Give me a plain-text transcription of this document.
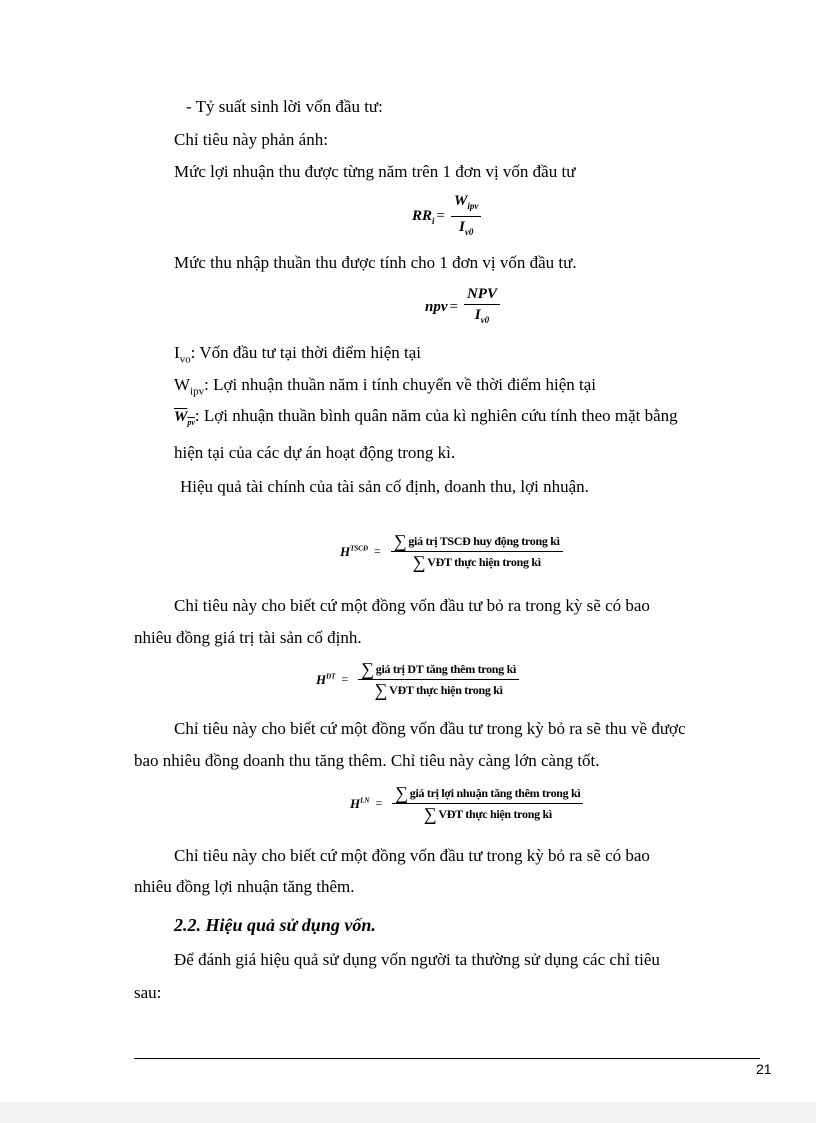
- Tỷ suất sinh lời vốn đầu tư:
Chỉ tiêu này phản ánh:
Mức lợi nhuận thu được từng năm trên 1 đơn vị vốn đầu tư
$RR_i = \frac{W_{ipv}}{I_{v0}}$
Mức thu nhập thuần thu được tính cho 1 đơn vị vốn đầu tư.
npv = $\frac{\text{NPV}}{I_{v0}}$
$I_{vo}$: Vốn đầu tư tại thời điểm hiện tại
$W_{ipv}$: Lợi nhuận thuần năm i tính chuyển về thời điểm hiện tại
$W_{pv}$: Lợi nhuận thuần bình quân năm của kì nghiên cứu tính theo mặt bằng
hiện tại của các dự án hoạt động trong kì.
Hiệu quả tài chính của tài sản cố định, doanh thu, lợi nhuận.
$H^{TSCĐ} = \frac{\text{∑ giá trị TSCĐ huy động trong kì}}{\text{∑ VĐT thực hiện trong kì}}$
Chỉ tiêu này cho biết cứ một đồng vốn đầu tư bỏ ra trong kỳ sẽ có bao
nhiêu đồng giá trị tài sản cố định.
$H^{DT} = \frac{\text{∑ giá trị DT tăng thêm trong kì}}{\text{∑ VĐT thực hiện trong kì}}$
Chỉ tiêu này cho biết cứ một đồng vốn đầu tư trong kỳ bỏ ra sẽ thu về được
bao nhiêu đồng doanh thu tăng thêm. Chỉ tiêu này càng lớn càng tốt.
$H^{LN} = \frac{\text{∑ giá trị lợi nhuận tăng thêm trong kì}}{\text{∑ VĐT thực hiện trong kì}}$
Chỉ tiêu này cho biết cứ một đồng vốn đầu tư trong kỳ bỏ ra sẽ có bao
nhiêu đồng lợi nhuận tăng thêm.
2.2. Hiệu quả sử dụng vốn.
Để đánh giá hiệu quả sử dụng vốn người ta thường sử dụng các chỉ tiêu
sau:
21
